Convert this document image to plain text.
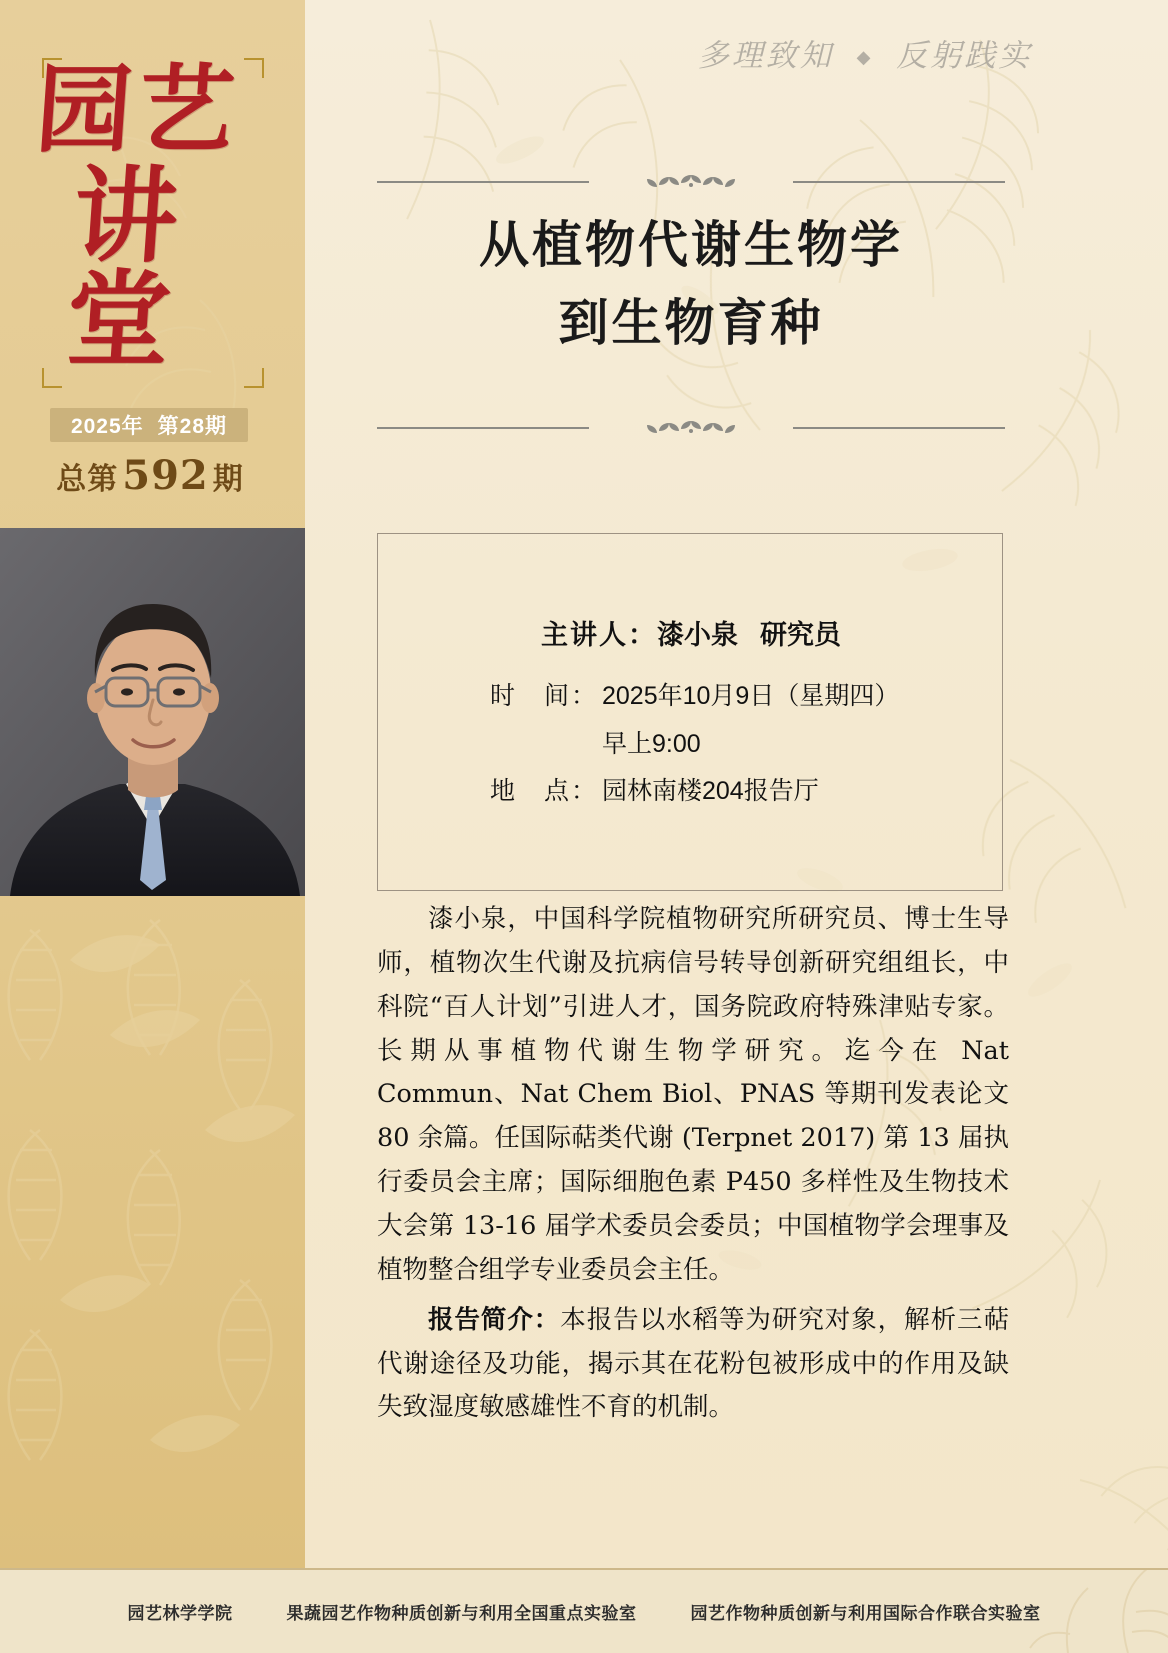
园艺
讲堂
2025年 第28期
总第 592 期
多理致知 ◆ 反躬践实
从植物代谢生物学
到生物育种
主讲人： 漆小泉 研究员
时　间： 2025年10月9日（星期四）
早上9:00
地　点： 园林南楼204报告厅

漆小泉，中国科学院植物研究所研究员、博士生导师，植物次生代谢及抗病信号转导创新研究组组长，中科院“百人计划”引进人才，国务院政府特殊津贴专家。长期从事植物代谢生物学研究。迄今在 Nat Commun、Nat Chem Biol、PNAS 等期刊发表论文 80 余篇。任国际萜类代谢 (Terpnet 2017) 第 13 届执行委员会主席；国际细胞色素 P450 多样性及生物技术大会第 13-16 届学术委员会委员；中国植物学会理事及植物整合组学专业委员会主任。

报告简介：本报告以水稻等为研究对象，解析三萜代谢途径及功能，揭示其在花粉包被形成中的作用及缺失致湿度敏感雄性不育的机制。

园艺林学学院	果蔬园艺作物种质创新与利用全国重点实验室	园艺作物种质创新与利用国际合作联合实验室
